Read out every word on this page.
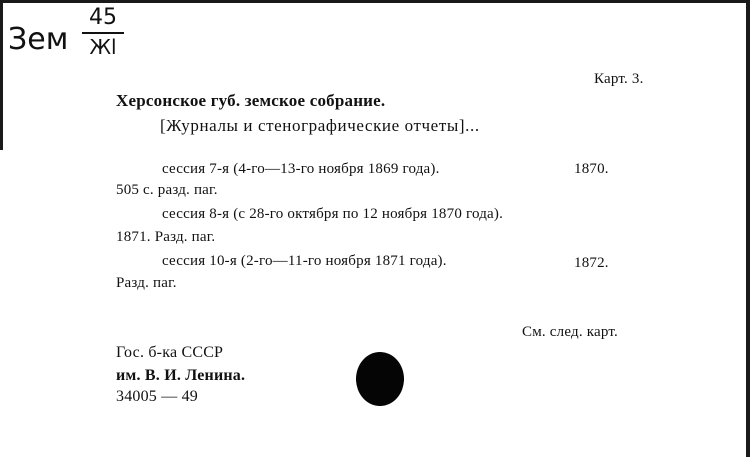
Зем
45
Жl
Карт. 3.
Херсонское губ. земское собрание.
[Журналы и стенографические отчеты]...
сессия 7-я (4-го—13-го ноября 1869 года).	1870.
505 с. разд. паг.
сессия 8-я (с 28-го октября по 12 ноября 1870 года).
1871. Разд. паг.
сессия 10-я (2-го—11-го ноября 1871 года).	1872.
Разд. паг.
См. след. карт.
Гос. б-ка СССР
им. В. И. Ленина.
34005 — 49
